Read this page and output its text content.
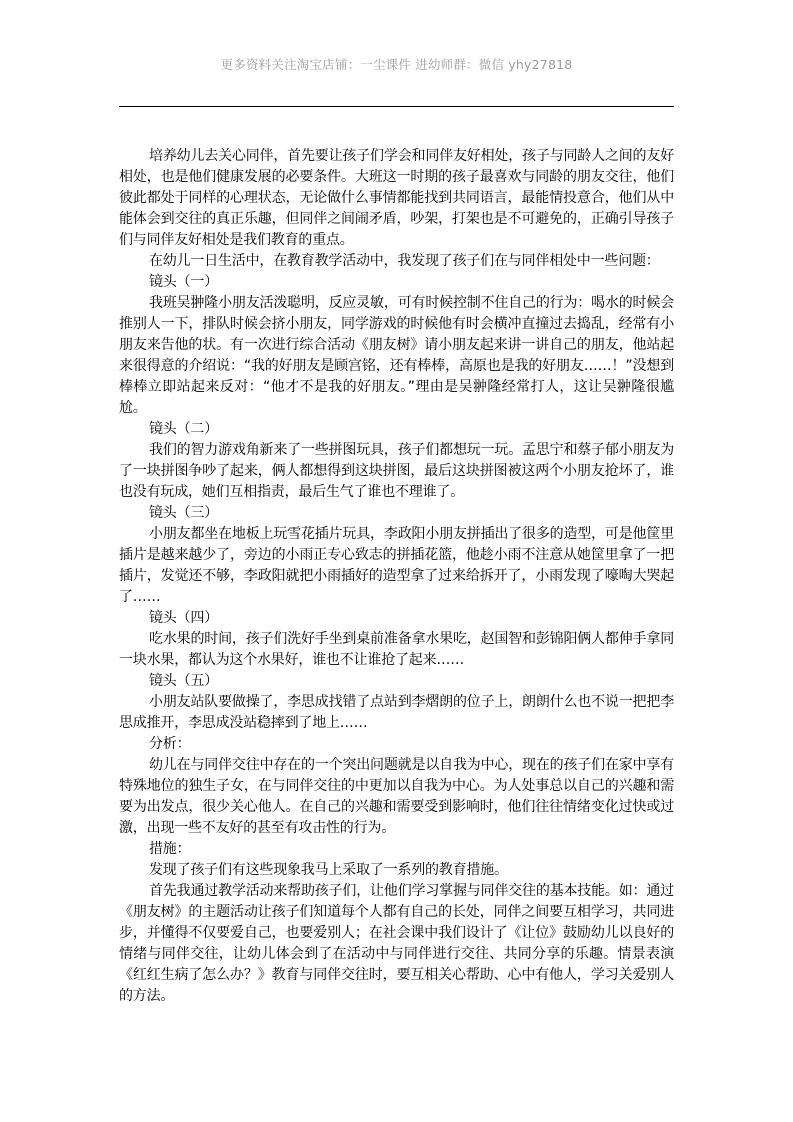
更多资料关注淘宝店铺：一尘课件 进幼师群：微信 yhy27818

培养幼儿去关心同伴，首先要让孩子们学会和同伴友好相处，孩子与同龄人之间的友好相处，也是他们健康发展的必要条件。大班这一时期的孩子最喜欢与同龄的朋友交往，他们彼此都处于同样的心理状态，无论做什么事情都能找到共同语言，最能情投意合，他们从中能体会到交往的真正乐趣，但同伴之间闹矛盾，吵架，打架也是不可避免的，正确引导孩子们与同伴友好相处是我们教育的重点。

在幼儿一日生活中，在教育教学活动中，我发现了孩子们在与同伴相处中一些问题：

镜头（一）

我班吴翀隆小朋友活泼聪明，反应灵敏，可有时候控制不住自己的行为：喝水的时候会推别人一下，排队时候会挤小朋友，同学游戏的时候他有时会横冲直撞过去捣乱，经常有小朋友来告他的状。有一次进行综合活动《朋友树》请小朋友起来讲一讲自己的朋友，他站起来很得意的介绍说：“我的好朋友是顾宫铭，还有棒棒，高原也是我的好朋友……！”没想到棒棒立即站起来反对：“他才不是我的好朋友。”理由是吴翀隆经常打人，这让吴翀隆很尴尬。

镜头（二）

我们的智力游戏角新来了一些拼图玩具，孩子们都想玩一玩。孟思宁和蔡子郁小朋友为了一块拼图争吵了起来，俩人都想得到这块拼图，最后这块拼图被这两个小朋友抢坏了，谁也没有玩成，她们互相指责，最后生气了谁也不理谁了。

镜头（三）

小朋友都坐在地板上玩雪花插片玩具，李政阳小朋友拼插出了很多的造型，可是他筐里插片是越来越少了，旁边的小雨正专心致志的拼插花篮，他趁小雨不注意从她筐里拿了一把插片，发觉还不够，李政阳就把小雨插好的造型拿了过来给拆开了，小雨发现了嚎啕大哭起了……

镜头（四）

吃水果的时间，孩子们洗好手坐到桌前准备拿水果吃，赵国智和彭锦阳俩人都伸手拿同一块水果，都认为这个水果好，谁也不让谁抢了起来……

镜头（五）

小朋友站队要做操了，李思成找错了点站到李熠朗的位子上，朗朗什么也不说一把把李思成推开，李思成没站稳摔到了地上……

分析：

幼儿在与同伴交往中存在的一个突出问题就是以自我为中心，现在的孩子们在家中享有特殊地位的独生子女，在与同伴交往的中更加以自我为中心。为人处事总以自己的兴趣和需要为出发点，很少关心他人。在自己的兴趣和需要受到影响时，他们往往情绪变化过快或过激，出现一些不友好的甚至有攻击性的行为。

措施：

发现了孩子们有这些现象我马上采取了一系列的教育措施。

首先我通过教学活动来帮助孩子们，让他们学习掌握与同伴交往的基本技能。如：通过《朋友树》的主题活动让孩子们知道每个人都有自己的长处，同伴之间要互相学习，共同进步，并懂得不仅要爱自己，也要爱别人；在社会课中我们设计了《让位》鼓励幼儿以良好的情绪与同伴交往，让幼儿体会到了在活动中与同伴进行交往、共同分享的乐趣。情景表演《红红生病了怎么办？》教育与同伴交往时，要互相关心帮助、心中有他人，学习关爱别人的方法。
